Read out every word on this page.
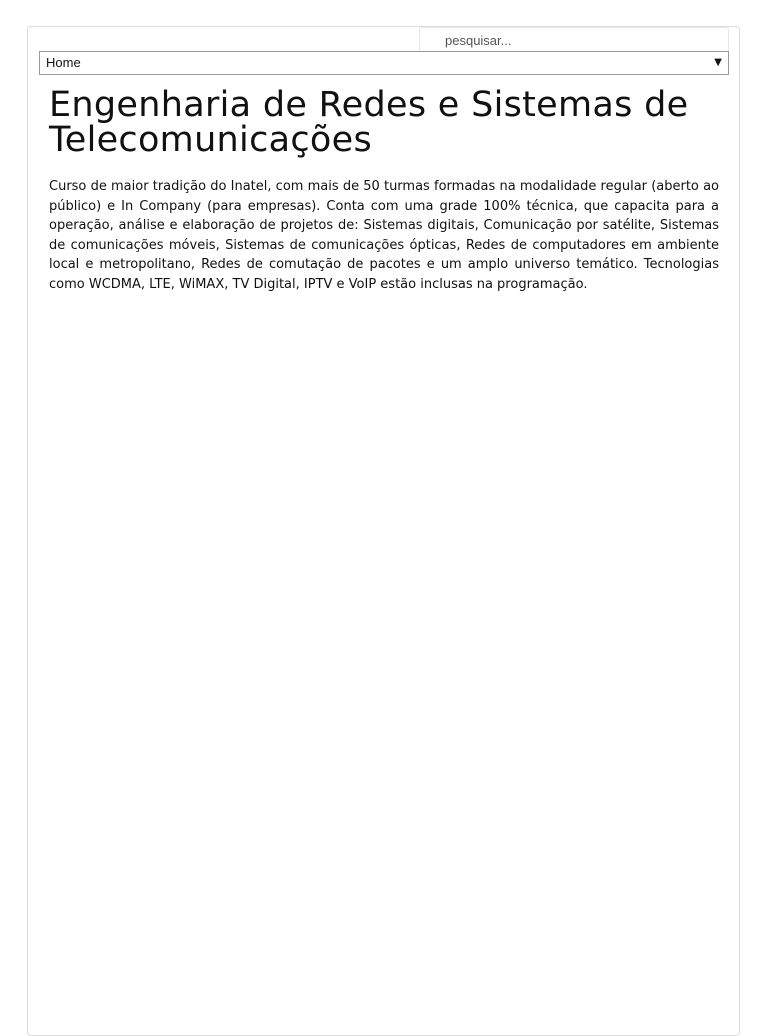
pesquisar...
Home	▼
Engenharia de Redes e Sistemas de Telecomunicações

Curso de maior tradição do Inatel, com mais de 50 turmas formadas na modalidade regular (aberto ao público) e In Company (para empresas). Conta com uma grade 100% técnica, que capacita para a operação, análise e elaboração de projetos de: Sistemas digitais, Comunicação por satélite, Sistemas de comunicações móveis, Sistemas de comunicações ópticas, Redes de computadores em ambiente local e metropolitano, Redes de comutação de pacotes e um amplo universo temático. Tecnologias como WCDMA, LTE, WiMAX, TV Digital, IPTV e VoIP estão inclusas na programação.
